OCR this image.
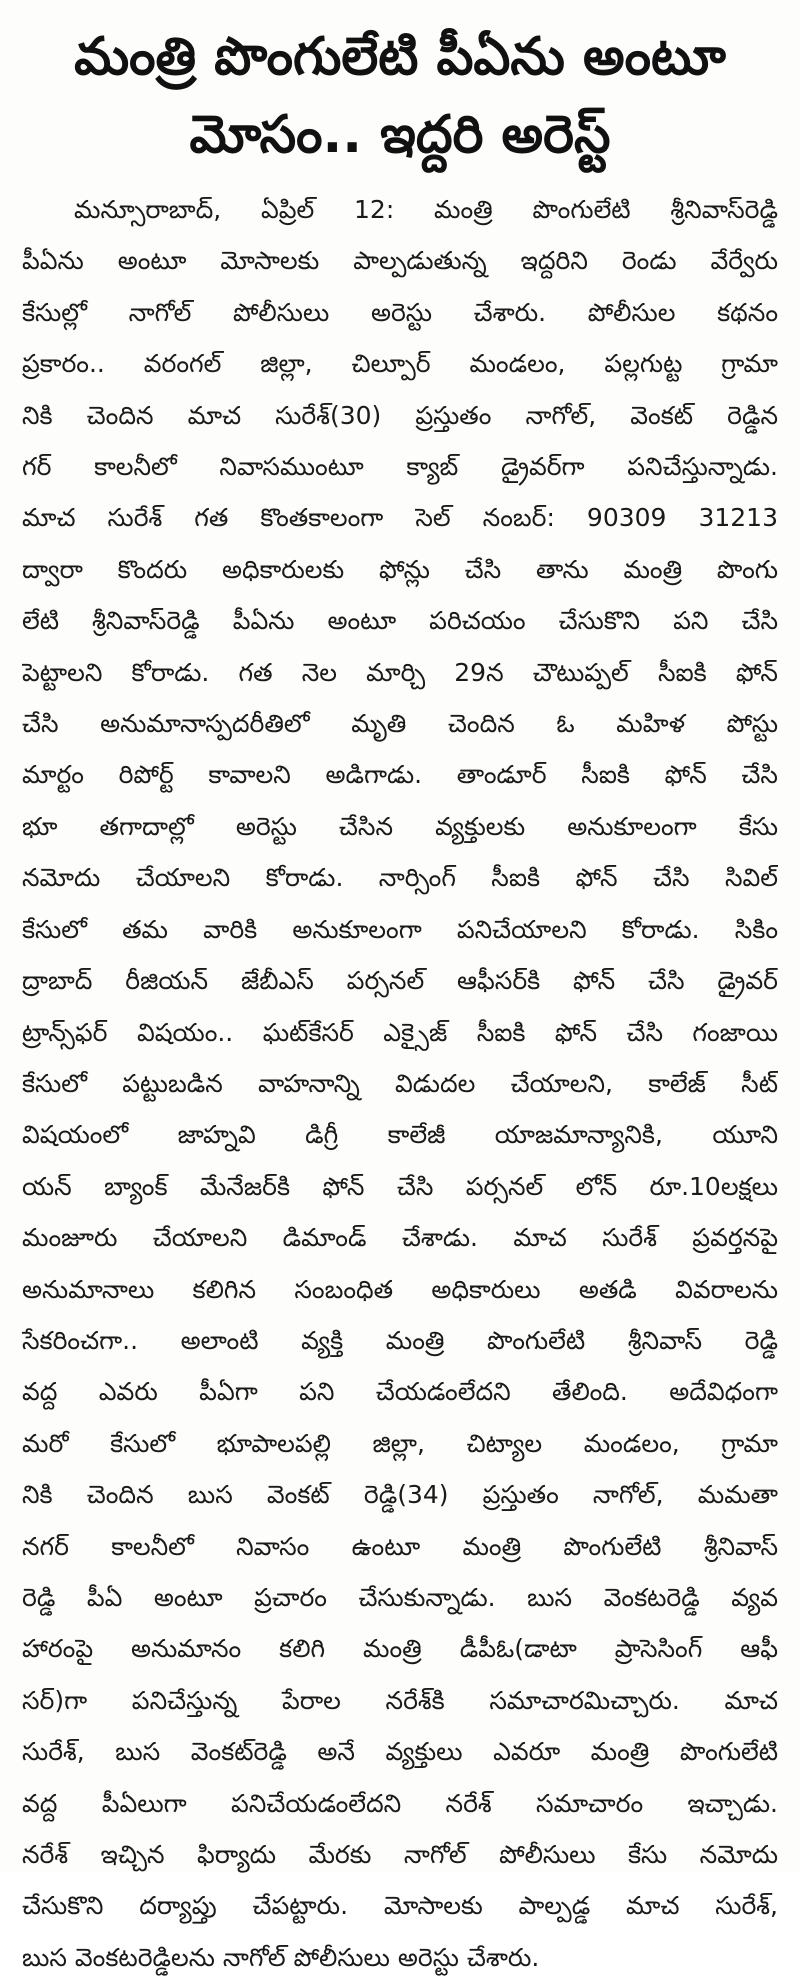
మంత్రి పొంగులేటి పీఏను అంటూ
మోసం.. ఇద్దరి అరెస్ట్
మన్సూరాబాద్, ఏప్రిల్ 12: మంత్రి పొంగులేటి శ్రీనివాస్‌రెడ్డి
పీఏను అంటూ మోసాలకు పాల్పడుతున్న ఇద్దరిని రెండు వేర్వేరు
కేసుల్లో నాగోల్ పోలీసులు అరెస్టు చేశారు. పోలీసుల కథనం
ప్రకారం.. వరంగల్ జిల్లా, చిల్పూర్ మండలం, పల్లగుట్ట గ్రామా
నికి చెందిన మాచ సురేశ్(30) ప్రస్తుతం నాగోల్, వెంకట్ రెడ్డిన
గర్ కాలనీలో నివాసముంటూ క్యాబ్ డ్రైవర్‌గా పనిచేస్తున్నాడు.
మాచ సురేశ్ గత కొంతకాలంగా సెల్ నంబర్: 90309 31213
ద్వారా కొందరు అధికారులకు ఫోన్లు చేసి తాను మంత్రి పొంగు
లేటి శ్రీనివాస్‌రెడ్డి పీఏను అంటూ పరిచయం చేసుకొని పని చేసి
పెట్టాలని కోరాడు. గత నెల మార్చి 29న చౌటుప్పల్ సీఐకి ఫోన్
చేసి అనుమానాస్పదరీతిలో మృతి చెందిన ఓ మహిళ పోస్టు
మార్టం రిపోర్ట్ కావాలని అడిగాడు. తాండూర్ సీఐకి ఫోన్ చేసి
భూ తగాదాల్లో అరెస్టు చేసిన వ్యక్తులకు అనుకూలంగా కేసు
నమోదు చేయాలని కోరాడు. నార్సింగ్ సీఐకి ఫోన్ చేసి సివిల్
కేసులో తమ వారికి అనుకూలంగా పనిచేయాలని కోరాడు. సికిం
ద్రాబాద్ రీజియన్ జేబీఎస్ పర్సనల్ ఆఫీసర్‌కి ఫోన్ చేసి డ్రైవర్
ట్రాన్స్‌ఫర్ విషయం.. ఘట్‌కేసర్ ఎక్సైజ్ సీఐకి ఫోన్ చేసి గంజాయి
కేసులో పట్టుబడిన వాహనాన్ని విడుదల చేయాలని, కాలేజ్ సీట్
విషయంలో జాహ్నవి డిగ్రీ కాలేజీ యాజమాన్యానికి, యూని
యన్ బ్యాంక్ మేనేజర్‌కి ఫోన్ చేసి పర్సనల్ లోన్ రూ.10లక్షలు
మంజూరు చేయాలని డిమాండ్ చేశాడు. మాచ సురేశ్ ప్రవర్తనపై
అనుమానాలు కలిగిన సంబంధిత అధికారులు అతడి వివరాలను
సేకరించగా.. అలాంటి వ్యక్తి మంత్రి పొంగులేటి శ్రీనివాస్ రెడ్డి
వద్ద ఎవరు పీఏగా పని చేయడంలేదని తేలింది. అదేవిధంగా
మరో కేసులో భూపాలపల్లి జిల్లా, చిట్యాల మండలం, గ్రామా
నికి చెందిన బుస వెంకట్ రెడ్డి(34) ప్రస్తుతం నాగోల్, మమతా
నగర్ కాలనీలో నివాసం ఉంటూ మంత్రి పొంగులేటి శ్రీనివాస్
రెడ్డి పీఏ అంటూ ప్రచారం చేసుకున్నాడు. బుస వెంకటరెడ్డి వ్యవ
హారంపై అనుమానం కలిగి మంత్రి డీపీఓ(డాటా ప్రాసెసింగ్ ఆఫీ
సర్)గా పనిచేస్తున్న పేరాల నరేశ్‌కి సమాచారమిచ్చారు. మాచ
సురేశ్, బుస వెంకట్‌రెడ్డి అనే వ్యక్తులు ఎవరూ మంత్రి పొంగులేటి
వద్ద పీఏలుగా పనిచేయడంలేదని నరేశ్ సమాచారం ఇచ్చాడు.
నరేశ్ ఇచ్చిన ఫిర్యాదు మేరకు నాగోల్ పోలీసులు కేసు నమోదు
చేసుకొని దర్యాప్తు చేపట్టారు. మోసాలకు పాల్పడ్డ మాచ సురేశ్,
బుస వెంకటరెడ్డిలను నాగోల్ పోలీసులు అరెస్టు చేశారు.
